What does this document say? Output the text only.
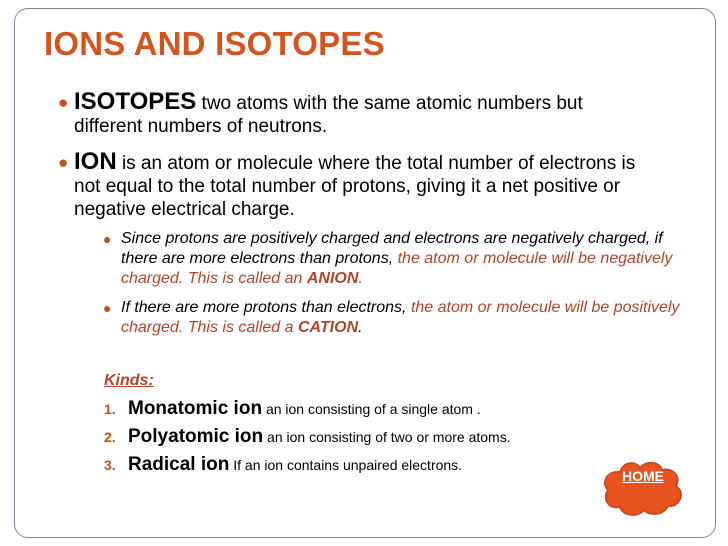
IONS AND ISOTOPES
● ISOTOPES two atoms with the same atomic numbers but
different numbers of neutrons.
● ION is an atom or molecule where the total number of electrons is
not equal to the total number of protons, giving it a net positive or
negative electrical charge.
● Since protons are positively charged and electrons are negatively charged, if there are more electrons than protons, the atom or molecule will be negatively charged. This is called an ANION.
● If there are more protons than electrons, the atom or molecule will be positively charged. This is called a CATION.
Kinds:
1. Monatomic ion an ion consisting of a single atom .
2. Polyatomic ion an ion consisting of two or more atoms.
3. Radical ion If an ion contains unpaired electrons.
HOME
